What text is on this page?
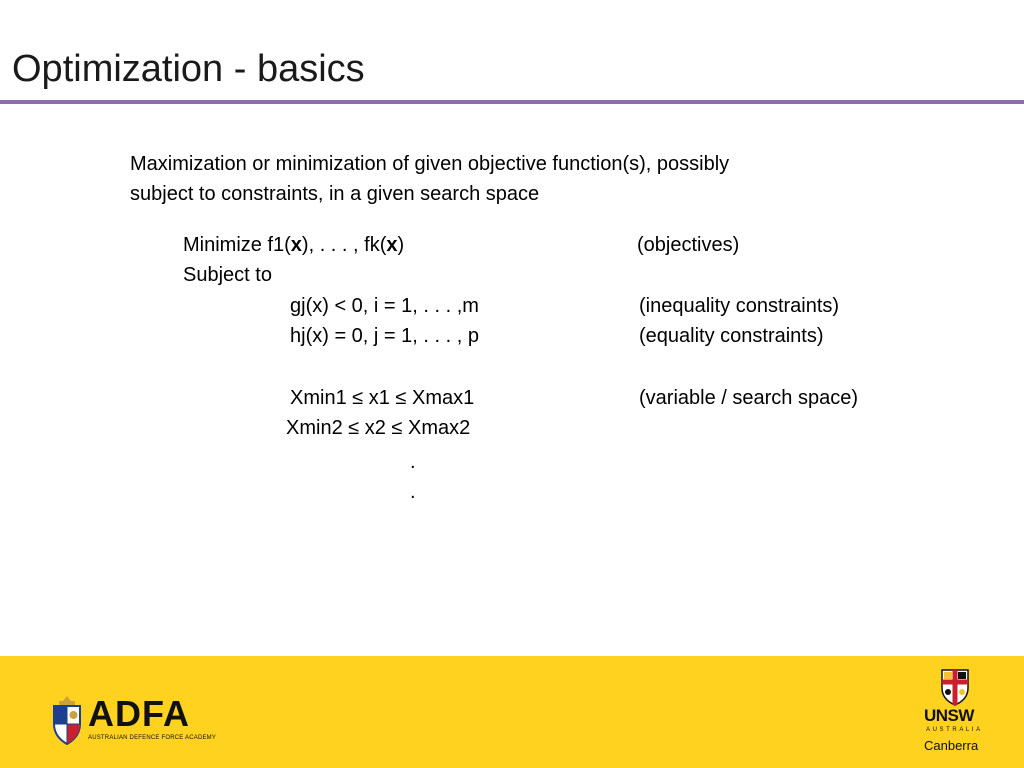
Optimization - basics
Maximization or minimization of given objective function(s), possibly
subject to constraints, in a given search space
Minimize f1(x), . . . , fk(x)	(objectives)
Subject to
gj(x) < 0, i = 1, . . . ,m	(inequality constraints)
hj(x) = 0, j = 1, . . . , p	(equality constraints)
Xmin1 ≤ x1 ≤ Xmax1	(variable / search space)
Xmin2 ≤ x2 ≤ Xmax2
.
.
ADFA
AUSTRALIAN DEFENCE FORCE ACADEMY
UNSW
AUSTRALIA
Canberra
